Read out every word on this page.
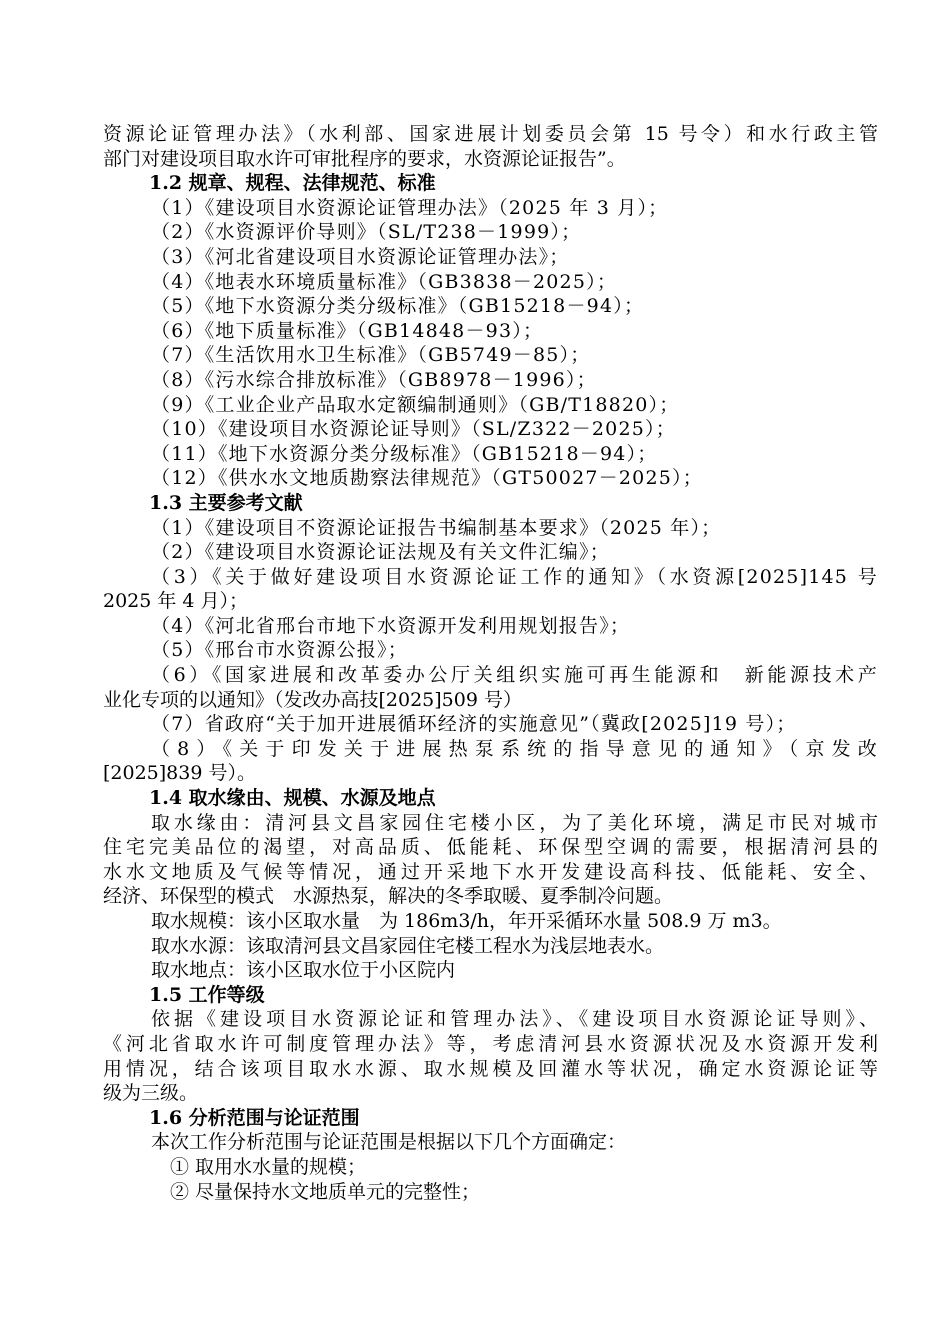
资源论证管理办法》（水利部、国家进展计划委员会第 15 号令）和水行政主管
部门对建设项目取水许可审批程序的要求，水资源论证报告”。
1.2 规章、规程、法律规范、标准
（1）《建设项目水资源论证管理办法》（2025 年 3 月）；
（2）《水资源评价导则》（SL/T238－1999）；
（3）《河北省建设项目水资源论证管理办法》；
（4）《地表水环境质量标准》（GB3838－2025）；
（5）《地下水资源分类分级标准》（GB15218－94）；
（6）《地下质量标准》（GB14848－93）；
（7）《生活饮用水卫生标准》（GB5749－85）；
（8）《污水综合排放标准》（GB8978－1996）；
（9）《工业企业产品取水定额编制通则》（GB/T18820）；
（10）《建设项目水资源论证导则》（SL/Z322－2025）；
（11）《地下水资源分类分级标准》（GB15218－94）；
（12）《供水水文地质勘察法律规范》（GT50027－2025）；
1.3 主要参考文献
（1）《建设项目不资源论证报告书编制基本要求》（2025 年）；
（2）《建设项目水资源论证法规及有关文件汇编》；
（3）《关于做好建设项目水资源论证工作的通知》（水资源[2025]145 号
2025 年 4 月）；
（4）《河北省邢台市地下水资源开发利用规划报告》；
（5）《邢台市水资源公报》；
（6）《国家进展和改革委办公厅关组织实施可再生能源和　新能源技术产
业化专项的以通知》（发改办高技[2025]509 号）
（7）省政府“关于加开进展循环经济的实施意见”（冀政[2025]19 号）；
（8）《关于印发关于进展热泵系统的指导意见的通知》（京发改
[2025]839 号）。
1.4 取水缘由、规模、水源及地点
取水缘由：清河县文昌家园住宅楼小区，为了美化环境，满足市民对城市
住宅完美品位的渴望，对高品质、低能耗、环保型空调的需要，根据清河县的
水水文地质及气候等情况，通过开采地下水开发建设高科技、低能耗、安全、
经济、环保型的模式　水源热泵，解决的冬季取暖、夏季制冷问题。
取水规模：该小区取水量　为 186m3/h，年开采循环水量 508.9 万 m3。
取水水源：该取清河县文昌家园住宅楼工程水为浅层地表水。
取水地点：该小区取水位于小区院内
1.5 工作等级
依据《建设项目水资源论证和管理办法》、《建设项目水资源论证导则》、
《河北省取水许可制度管理办法》等，考虑清河县水资源状况及水资源开发利
用情况，结合该项目取水水源、取水规模及回灌水等状况，确定水资源论证等
级为三级。
1.6 分析范围与论证范围
本次工作分析范围与论证范围是根据以下几个方面确定：
① 取用水水量的规模；
② 尽量保持水文地质单元的完整性；
